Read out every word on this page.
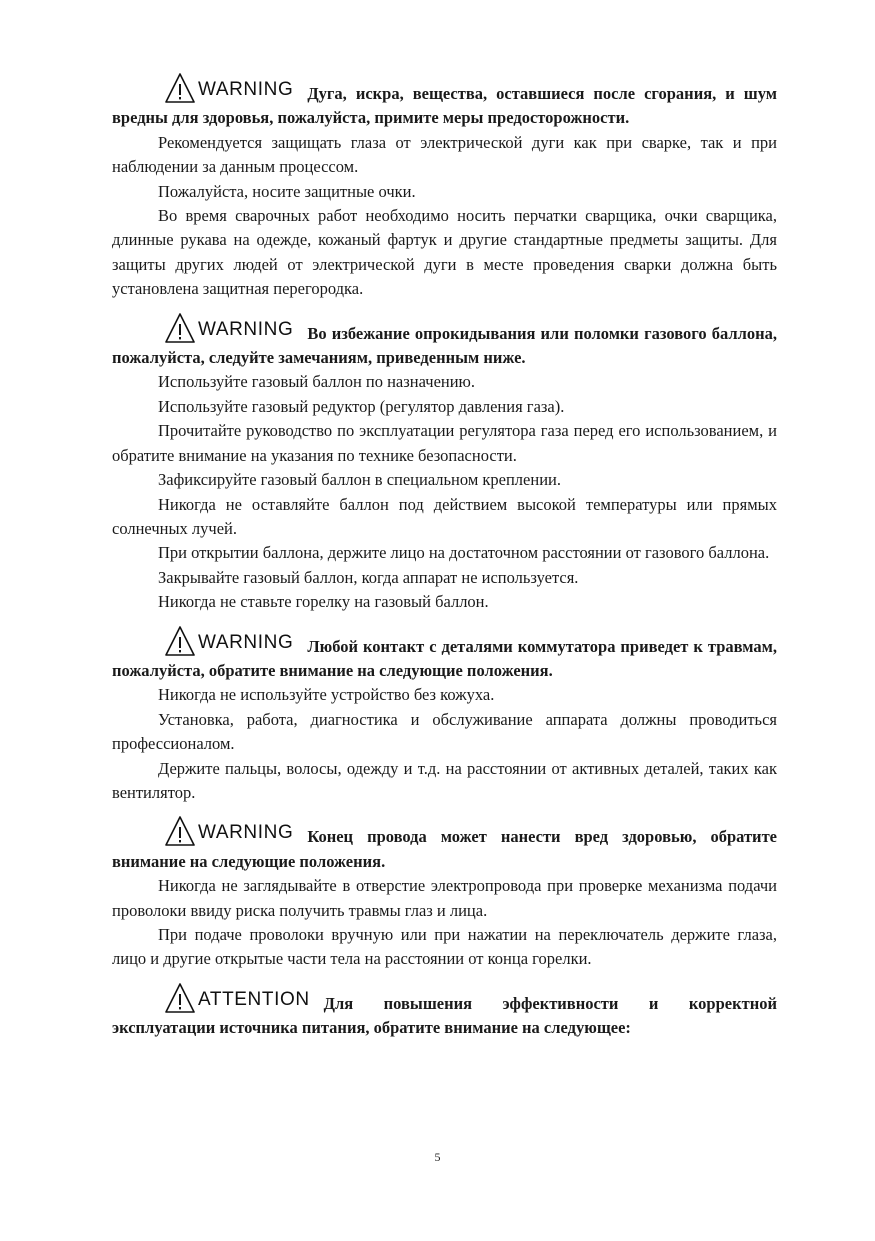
WARNING Дуга, искра, вещества, оставшиеся после сгорания, и шум вредны для здоровья, пожалуйста, примите меры предосторожности.

Рекомендуется защищать глаза от электрической дуги как при сварке, так и при наблюдении за данным процессом.

Пожалуйста, носите защитные очки.

Во время сварочных работ необходимо носить перчатки сварщика, очки сварщика, длинные рукава на одежде, кожаный фартук и другие стандартные предметы защиты. Для защиты других людей от электрической дуги в месте проведения сварки должна быть установлена защитная перегородка.

WARNING Во избежание опрокидывания или поломки газового баллона, пожалуйста, следуйте замечаниям, приведенным ниже.

Используйте газовый баллон по назначению.

Используйте газовый редуктор (регулятор давления газа).

Прочитайте руководство по эксплуатации регулятора газа перед его использованием, и обратите внимание на указания по технике безопасности.

Зафиксируйте газовый баллон в специальном креплении.

Никогда не оставляйте баллон под действием высокой температуры или прямых солнечных лучей.

При открытии баллона, держите лицо на достаточном расстоянии от газового баллона.

Закрывайте газовый баллон, когда аппарат не используется.

Никогда не ставьте горелку на газовый баллон.

WARNING Любой контакт с деталями коммутатора приведет к травмам, пожалуйста, обратите внимание на следующие положения.

Никогда не используйте устройство без кожуха.

Установка, работа, диагностика и обслуживание аппарата должны проводиться профессионалом.

Держите пальцы, волосы, одежду и т.д. на расстоянии от активных деталей, таких как вентилятор.

WARNING Конец провода может нанести вред здоровью, обратите внимание на следующие положения.

Никогда не заглядывайте в отверстие электропровода при проверке механизма подачи проволоки ввиду риска получить травмы глаз и лица.

При подаче проволоки вручную или при нажатии на переключатель держите глаза, лицо и другие открытые части тела на расстоянии от конца горелки.

ATTENTION Для повышения эффективности и корректной эксплуатации источника питания, обратите внимание на следующее:
5
